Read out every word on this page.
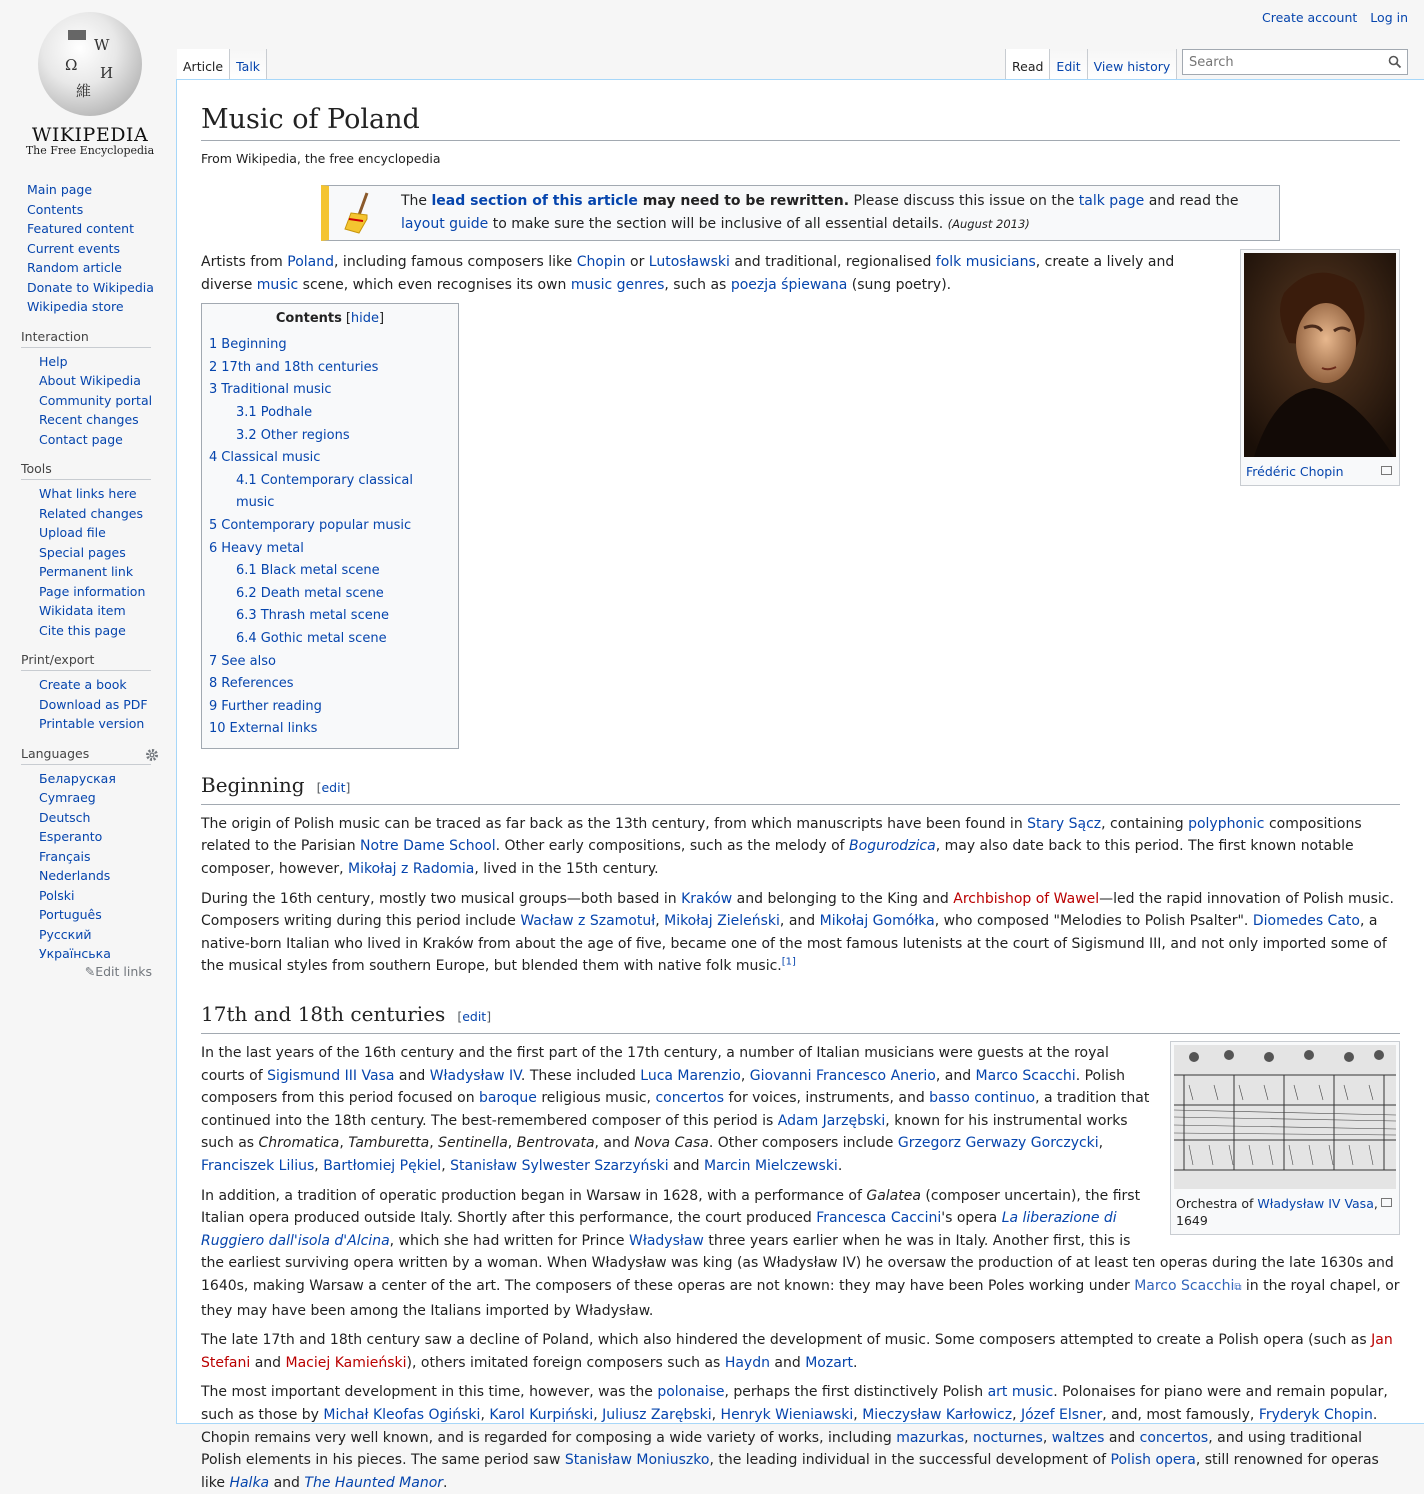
W
Ω И
維
WIKIPEDIA
The Free Encyclopedia
Create account Log in
Article	Talk	Read	Edit	View history
Search
Main page
Contents
Featured content
Current events
Random article
Donate to Wikipedia
Wikipedia store
Interaction
Help
About Wikipedia
Community portal
Recent changes
Contact page
Tools
What links here
Related changes
Upload file
Special pages
Permanent link
Page information
Wikidata item
Cite this page
Print/export
Create a book
Download as PDF
Printable version
Languages
Беларуская
Cymraeg
Deutsch
Esperanto
Français
Nederlands
Polski
Português
Русский
Українська
✎Edit links
Music of Poland
From Wikipedia, the free encyclopedia
The lead section of this article may need to be rewritten. Please discuss this issue on the talk page and read the layout guide to make sure the section will be inclusive of all essential details. (August 2013)
Frédéric Chopin

Artists from Poland, including famous composers like Chopin or Lutosławski and traditional, regionalised folk musicians, create a lively and diverse music scene, which even recognises its own music genres, such as poezja śpiewana (sung poetry).

Contents [hide]
1 Beginning
2 17th and 18th centuries
3 Traditional music
3.1 Podhale
3.2 Other regions
4 Classical music
4.1 Contemporary classical music
5 Contemporary popular music
6 Heavy metal
6.1 Black metal scene
6.2 Death metal scene
6.3 Thrash metal scene
6.4 Gothic metal scene
7 See also
8 References
9 Further reading
10 External links
Beginning [edit]

The origin of Polish music can be traced as far back as the 13th century, from which manuscripts have been found in Stary Sącz, containing polyphonic compositions related to the Parisian Notre Dame School. Other early compositions, such as the melody of Bogurodzica, may also date back to this period. The first known notable composer, however, Mikołaj z Radomia, lived in the 15th century.

During the 16th century, mostly two musical groups—both based in Kraków and belonging to the King and Archbishop of Wawel—led the rapid innovation of Polish music. Composers writing during this period include Wacław z Szamotuł, Mikołaj Zieleński, and Mikołaj Gomółka, who composed "Melodies to Polish Psalter". Diomedes Cato, a native-born Italian who lived in Kraków from about the age of five, became one of the most famous lutenists at the court of Sigismund III, and not only imported some of the musical styles from southern Europe, but blended them with native folk music.[1]

17th and 18th centuries [edit]
Orchestra of Władysław IV Vasa, 1649

In the last years of the 16th century and the first part of the 17th century, a number of Italian musicians were guests at the royal courts of Sigismund III Vasa and Władysław IV. These included Luca Marenzio, Giovanni Francesco Anerio, and Marco Scacchi. Polish composers from this period focused on baroque religious music, concertos for voices, instruments, and basso continuo, a tradition that continued into the 18th century. The best-remembered composer of this period is Adam Jarzębski, known for his instrumental works such as Chromatica, Tamburetta, Sentinella, Bentrovata, and Nova Casa. Other composers include Grzegorz Gerwazy Gorczycki, Franciszek Lilius, Bartłomiej Pękiel, Stanisław Sylwester Szarzyński and Marcin Mielczewski.

In addition, a tradition of operatic production began in Warsaw in 1628, with a performance of Galatea (composer uncertain), the first Italian opera produced outside Italy. Shortly after this performance, the court produced Francesca Caccini's opera La liberazione di Ruggiero dall'isola d'Alcina, which she had written for Prince Władysław three years earlier when he was in Italy. Another first, this is the earliest surviving opera written by a woman. When Władysław was king (as Władysław IV) he oversaw the production of at least ten operas during the late 1630s and 1640s, making Warsaw a center of the art. The composers of these operas are not known: they may have been Poles working under Marco Scacchi⧉ in the royal chapel, or they may have been among the Italians imported by Władysław.

The late 17th and 18th century saw a decline of Poland, which also hindered the development of music. Some composers attempted to create a Polish opera (such as Jan Stefani and Maciej Kamieński), others imitated foreign composers such as Haydn and Mozart.

The most important development in this time, however, was the polonaise, perhaps the first distinctively Polish art music. Polonaises for piano were and remain popular, such as those by Michał Kleofas Ogiński, Karol Kurpiński, Juliusz Zarębski, Henryk Wieniawski, Mieczysław Karłowicz, Józef Elsner, and, most famously, Fryderyk Chopin. Chopin remains very well known, and is regarded for composing a wide variety of works, including mazurkas, nocturnes, waltzes and concertos, and using traditional Polish elements in his pieces. The same period saw Stanisław Moniuszko, the leading individual in the successful development of Polish opera, still renowned for operas like Halka and The Haunted Manor.
